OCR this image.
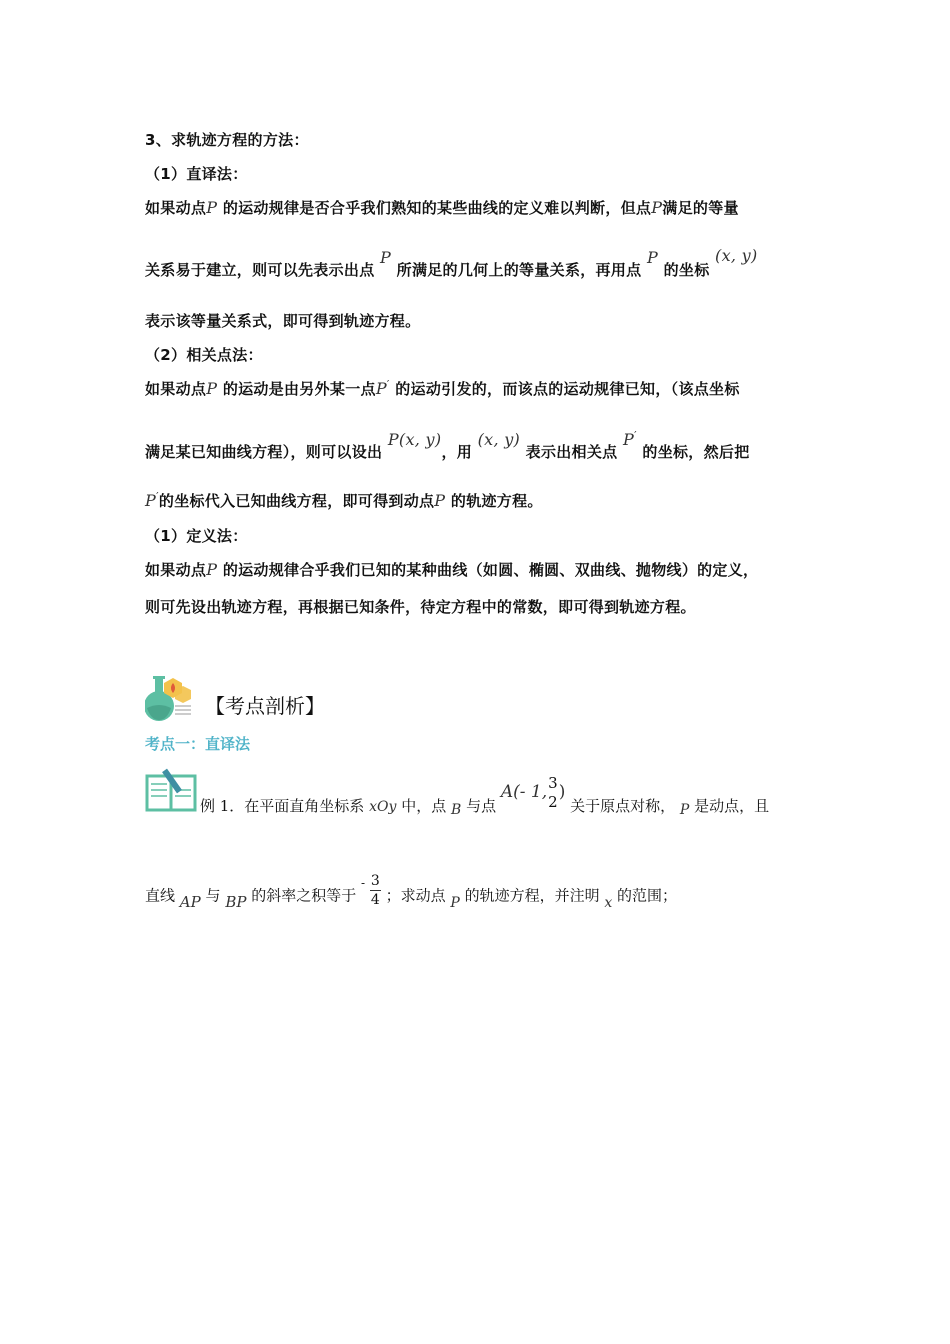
3、求轨迹方程的方法：
（1）直译法：
如果动点P 的运动规律是否合乎我们熟知的某些曲线的定义难以判断，但点P满足的等量
关系易于建立，则可以先表示出点 P 所满足的几何上的等量关系，再用点 P 的坐标 (x, y)
表示该等量关系式，即可得到轨迹方程。
（2）相关点法：
如果动点P 的运动是由另外某一点P′ 的运动引发的，而该点的运动规律已知，（该点坐标
满足某已知曲线方程），则可以设出 P(x, y)，用 (x, y) 表示出相关点 P′ 的坐标，然后把
P′的坐标代入已知曲线方程，即可得到动点P 的轨迹方程。
（1）定义法：
如果动点P 的运动规律合乎我们已知的某种曲线（如圆、椭圆、双曲线、抛物线）的定义，
则可先设出轨迹方程，再根据已知条件，待定方程中的常数，即可得到轨迹方程。
【考点剖析】
考点一：直译法
例 1．在平面直角坐标系 xOy 中，点 B 与点 A(- 1, 3
2 ) 关于原点对称， P 是动点，且
直线 AP 与 BP 的斜率之积等于 $^- \frac{3}{4}$ ；求动点 P 的轨迹方程，并注明 x 的范围；
